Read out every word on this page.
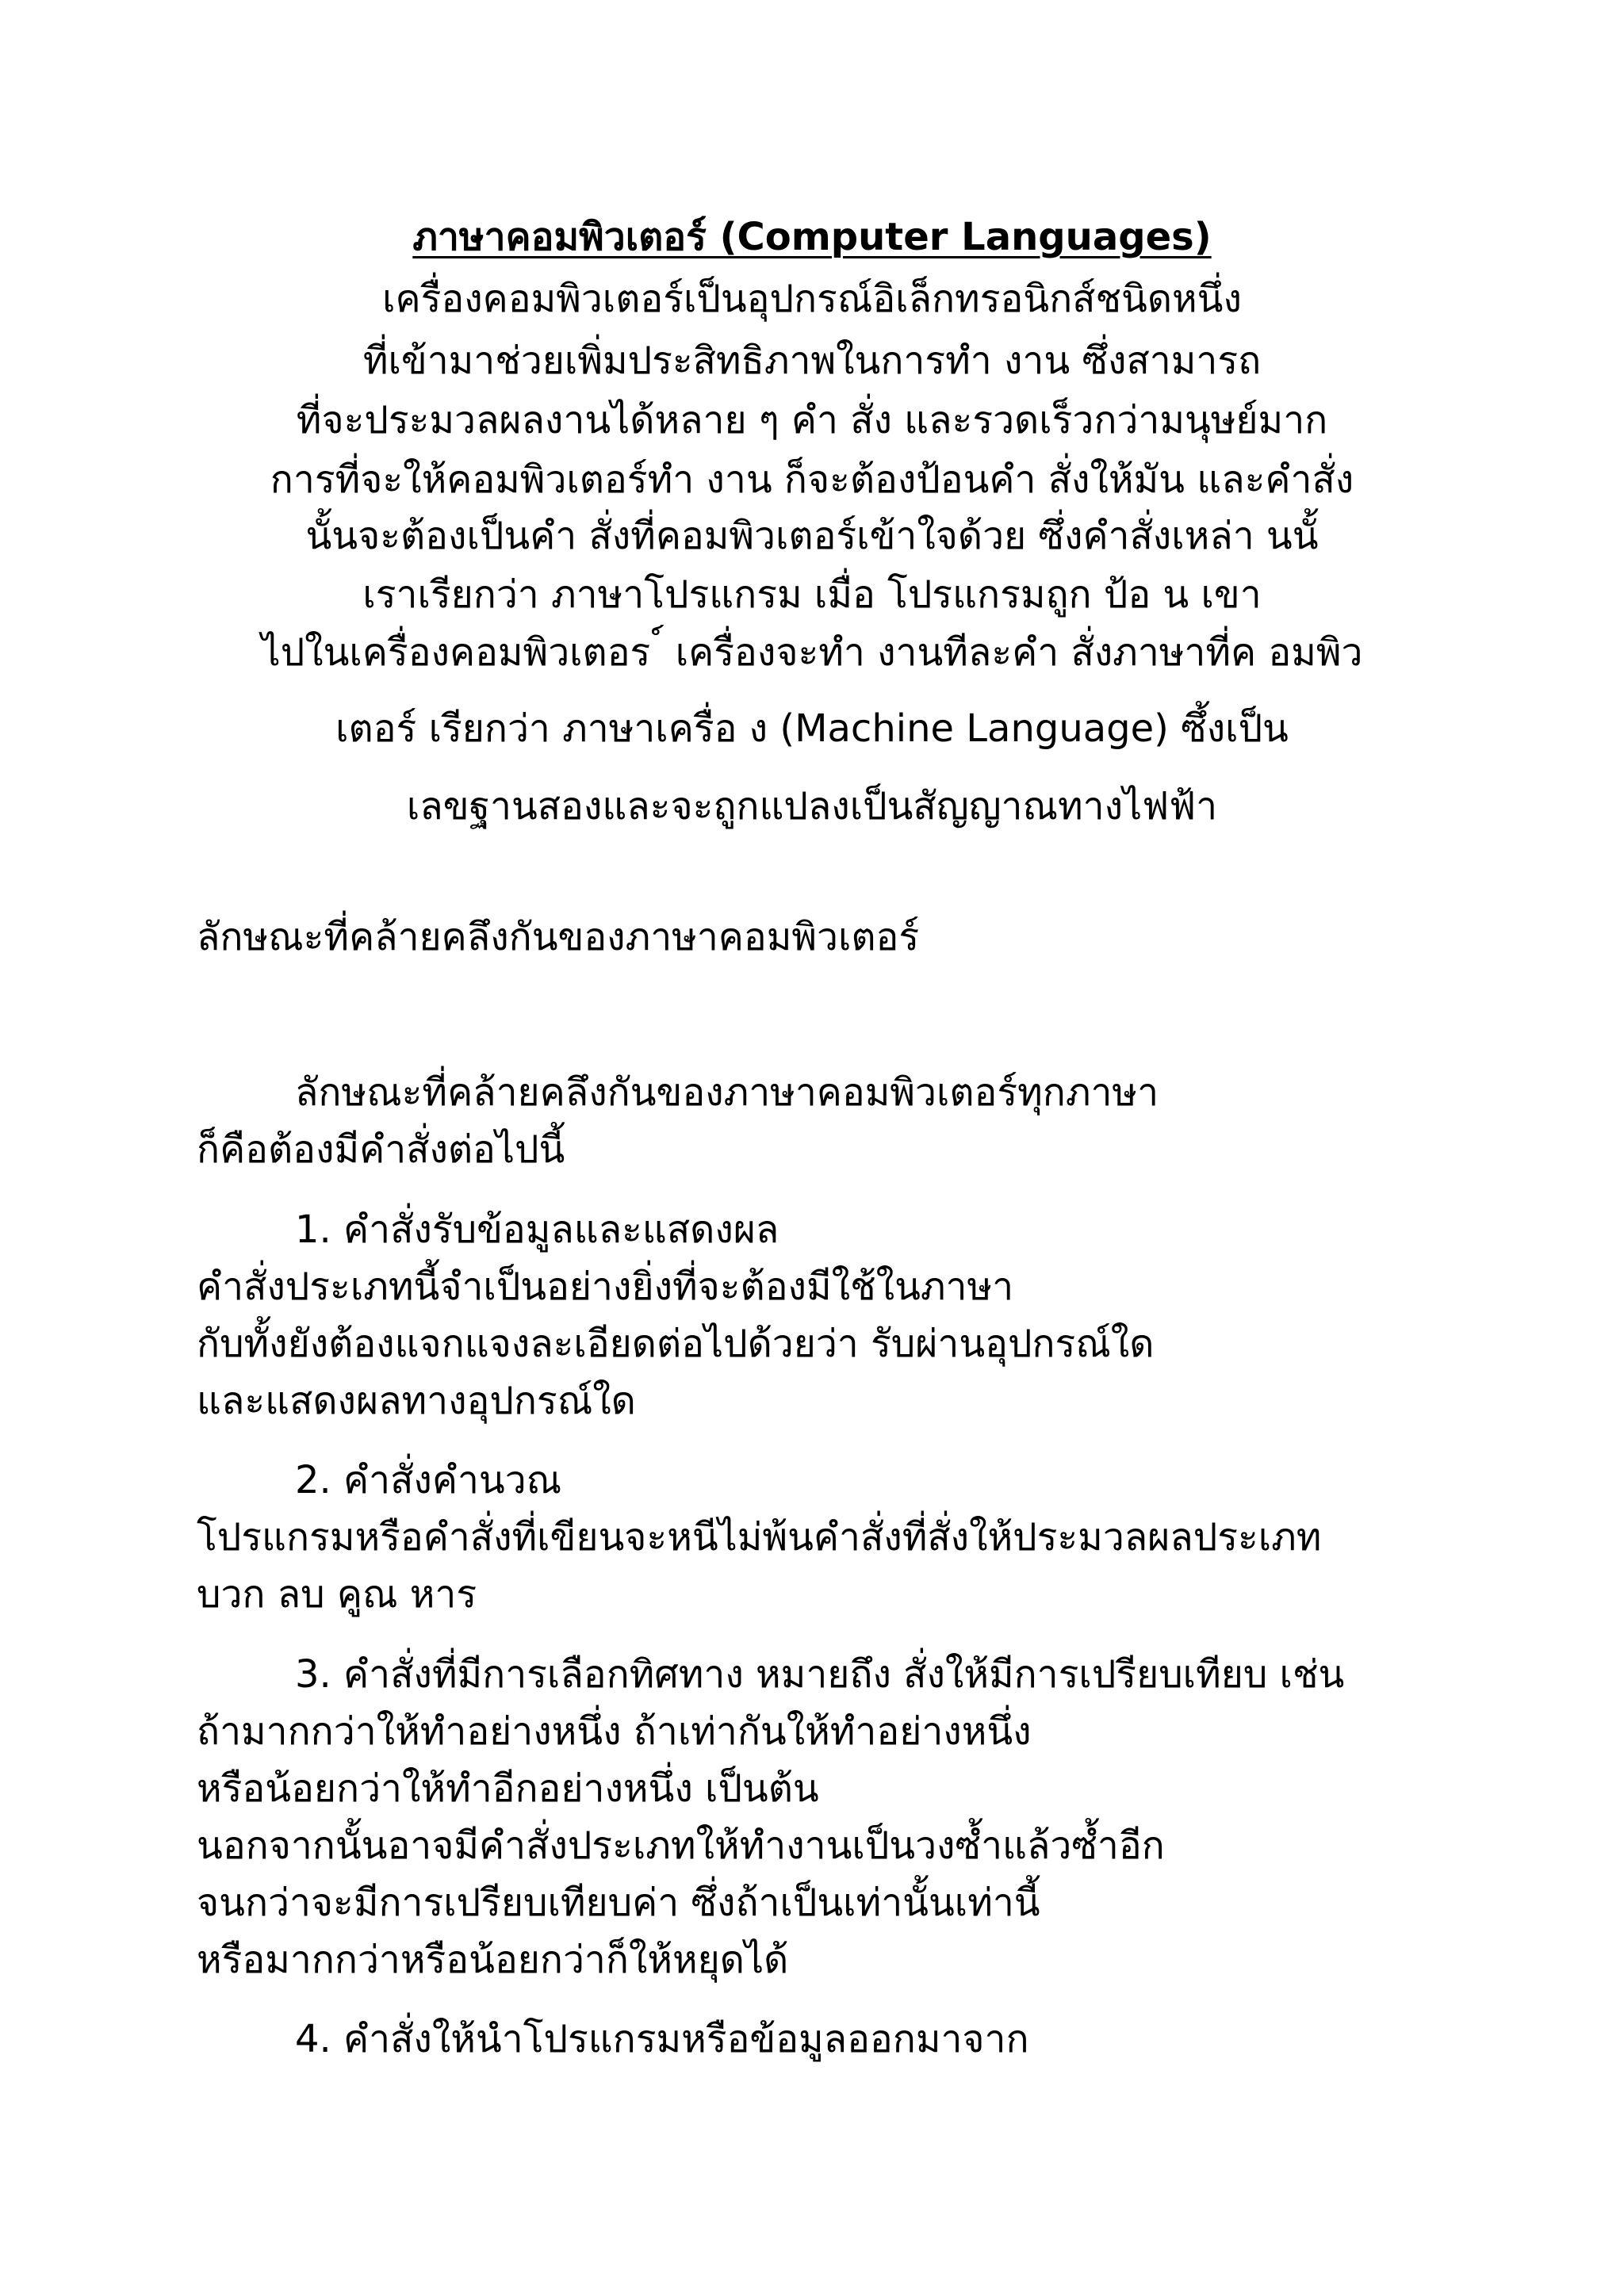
ภาษาคอมพิวเตอร์ (Computer Languages)

เครื่องคอมพิวเตอร์เป็นอุปกรณ์อิเล็กทรอนิกส์ชนิดหนึ่ง

ที่เข้ามาช่วยเพิ่มประสิทธิภาพในการทำ งาน ซึ่งสามารถ

ที่จะประมวลผลงานได้หลาย ๆ คำ สั่ง และรวดเร็วกว่ามนุษย์มาก

การที่จะให้คอมพิวเตอร์ทำ งาน ก็จะต้องป้อนคำ สั่งให้มัน และคำสั่ง

นั้นจะต้องเป็นคำ สั่งที่คอมพิวเตอร์เข้าใจด้วย ซึ่งคำสั่งเหล่า นนั้

เราเรียกว่า ภาษาโปรแกรม เมื่อ โปรแกรมถูก ป้อ น เขา

ไปในเครื่องคอมพิวเตอร ์ เครื่องจะทำ งานทีละคำ สั่งภาษาที่ค อมพิว

เตอร์ เรียกว่า ภาษาเครื่อ ง (Machine Language) ซึ้งเป็น

เลขฐานสองและจะถูกแปลงเป็นสัญญาณทางไฟฟ้า

ลักษณะที่คล้ายคลึงกันของภาษาคอมพิวเตอร์

ลักษณะที่คล้ายคลึงกันของภาษาคอมพิวเตอร์ทุกภาษา

ก็คือต้องมีคำสั่งต่อไปนี้

1. คำสั่งรับข้อมูลและแสดงผล

คำสั่งประเภทนี้จำเป็นอย่างยิ่งที่จะต้องมีใช้ในภาษา

กับทั้งยังต้องแจกแจงละเอียดต่อไปด้วยว่า รับผ่านอุปกรณ์ใด

และแสดงผลทางอุปกรณ์ใด

2. คำสั่งคำนวณ

โปรแกรมหรือคำสั่งที่เขียนจะหนีไม่พ้นคำสั่งที่สั่งให้ประมวลผลประเภท

บวก ลบ คูณ หาร

3. คำสั่งที่มีการเลือกทิศทาง หมายถึง สั่งให้มีการเปรียบเทียบ เช่น

ถ้ามากกว่าให้ทำอย่างหนึ่ง ถ้าเท่ากันให้ทำอย่างหนึ่ง

หรือน้อยกว่าให้ทำอีกอย่างหนึ่ง เป็นต้น

นอกจากนั้นอาจมีคำสั่งประเภทให้ทำงานเป็นวงซ้ำแล้วซ้ำอีก

จนกว่าจะมีการเปรียบเทียบค่า ซึ่งถ้าเป็นเท่านั้นเท่านี้

หรือมากกว่าหรือน้อยกว่าก็ให้หยุดได้

4. คำสั่งให้นำโปรแกรมหรือข้อมูลออกมาจาก
